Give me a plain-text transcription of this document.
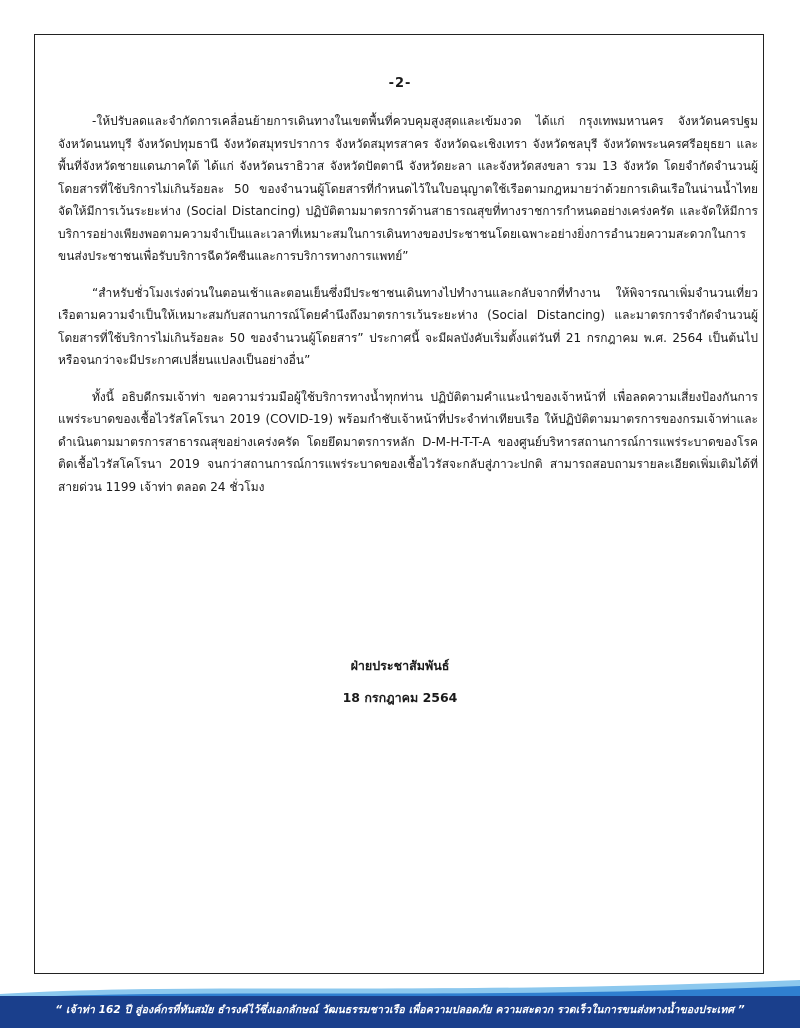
-2-

-ให้ปรับลดและจำกัดการเคลื่อนย้ายการเดินทางในเขตพื้นที่ควบคุมสูงสุดและเข้มงวด ได้แก่ กรุงเทพมหานคร จังหวัดนครปฐม จังหวัดนนทบุรี จังหวัดปทุมธานี จังหวัดสมุทรปราการ จังหวัดสมุทรสาคร จังหวัดฉะเชิงเทรา จังหวัดชลบุรี จังหวัดพระนครศรีอยุธยา และพื้นที่จังหวัดชายแดนภาคใต้ ได้แก่ จังหวัดนราธิวาส จังหวัดปัตตานี จังหวัดยะลา และจังหวัดสงขลา รวม 13 จังหวัด โดยจำกัดจำนวนผู้โดยสารที่ใช้บริการไม่เกินร้อยละ 50 ของจำนวนผู้โดยสารที่กำหนดไว้ในใบอนุญาตใช้เรือตามกฎหมายว่าด้วยการเดินเรือในน่านน้ำไทย จัดให้มีการเว้นระยะห่าง (Social Distancing) ปฏิบัติตามมาตรการด้านสาธารณสุขที่ทางราชการกำหนดอย่างเคร่งครัด และจัดให้มีการบริการอย่างเพียงพอตามความจำเป็นและเวลาที่เหมาะสมในการเดินทางของประชาชนโดยเฉพาะอย่างยิ่งการอำนวยความสะดวกในการขนส่งประชาชนเพื่อรับบริการฉีดวัคซีนและการบริการทางการแพทย์”

“สำหรับชั่วโมงเร่งด่วนในตอนเช้าและตอนเย็นซึ่งมีประชาชนเดินทางไปทำงานและกลับจากที่ทำงาน ให้พิจารณาเพิ่มจำนวนเที่ยวเรือตามความจำเป็นให้เหมาะสมกับสถานการณ์โดยคำนึงถึงมาตรการเว้นระยะห่าง (Social Distancing) และมาตรการจำกัดจำนวนผู้โดยสารที่ใช้บริการไม่เกินร้อยละ 50 ของจำนวนผู้โดยสาร” ประกาศนี้ จะมีผลบังคับเริ่มตั้งแต่วันที่ 21 กรกฎาคม พ.ศ. 2564 เป็นต้นไปหรือจนกว่าจะมีประกาศเปลี่ยนแปลงเป็นอย่างอื่น”

ทั้งนี้ อธิบดีกรมเจ้าท่า ขอความร่วมมือผู้ใช้บริการทางน้ำทุกท่าน ปฏิบัติตามคำแนะนำของเจ้าหน้าที่ เพื่อลดความเสี่ยงป้องกันการแพร่ระบาดของเชื้อไวรัสโคโรนา 2019 (COVID-19) พร้อมกำชับเจ้าหน้าที่ประจำท่าเทียบเรือ ให้ปฏิบัติตามมาตรการของกรมเจ้าท่าและดำเนินตามมาตรการสาธารณสุขอย่างเคร่งครัด โดยยึดมาตรการหลัก D-M-H-T-T-A ของศูนย์บริหารสถานการณ์การแพร่ระบาดของโรคติดเชื้อไวรัสโคโรนา 2019 จนกว่าสถานการณ์การแพร่ระบาดของเชื้อไวรัสจะกลับสู่ภาวะปกติ สามารถสอบถามรายละเอียดเพิ่มเติมได้ที่ สายด่วน 1199 เจ้าท่า ตลอด 24 ชั่วโมง

ฝ่ายประชาสัมพันธ์
18 กรกฎาคม 2564
“ เจ้าท่า 162 ปี สู่องค์กรที่ทันสมัย ธำรงค์ไว้ซึ่งเอกลักษณ์ วัฒนธรรมชาวเรือ เพื่อความปลอดภัย ความสะดวก รวดเร็วในการขนส่งทางน้ำของประเทศ ”
